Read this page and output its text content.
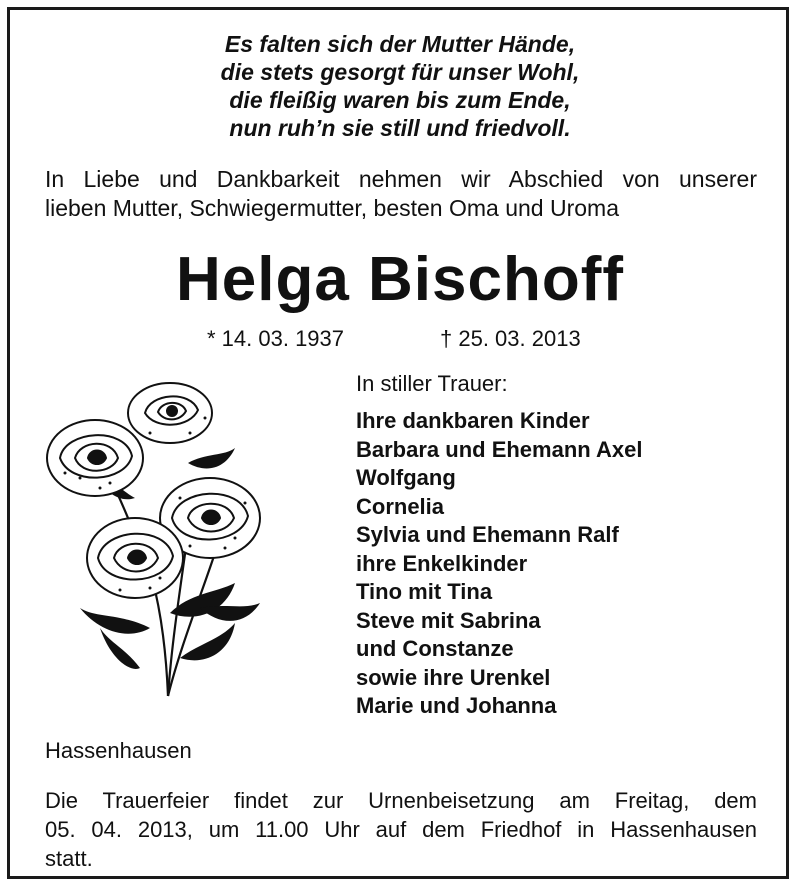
Es falten sich der Mutter Hände,
die stets gesorgt für unser Wohl,
die fleißig waren bis zum Ende,
nun ruh’n sie still und friedvoll.
In Liebe und Dankbarkeit nehmen wir Abschied von unserer
lieben Mutter, Schwiegermutter, besten Oma und Uroma
Helga Bischoff
* 14. 03. 1937	† 25. 03. 2013
In stiller Trauer:
Ihre dankbaren Kinder
Barbara und Ehemann Axel
Wolfgang
Cornelia
Sylvia und Ehemann Ralf
ihre Enkelkinder
Tino mit Tina
Steve mit Sabrina
und Constanze
sowie ihre Urenkel
Marie und Johanna
Hassenhausen
Die Trauerfeier findet zur Urnenbeisetzung am Freitag, dem
05. 04. 2013, um 11.00 Uhr auf dem Friedhof in Hassenhausen
statt.
